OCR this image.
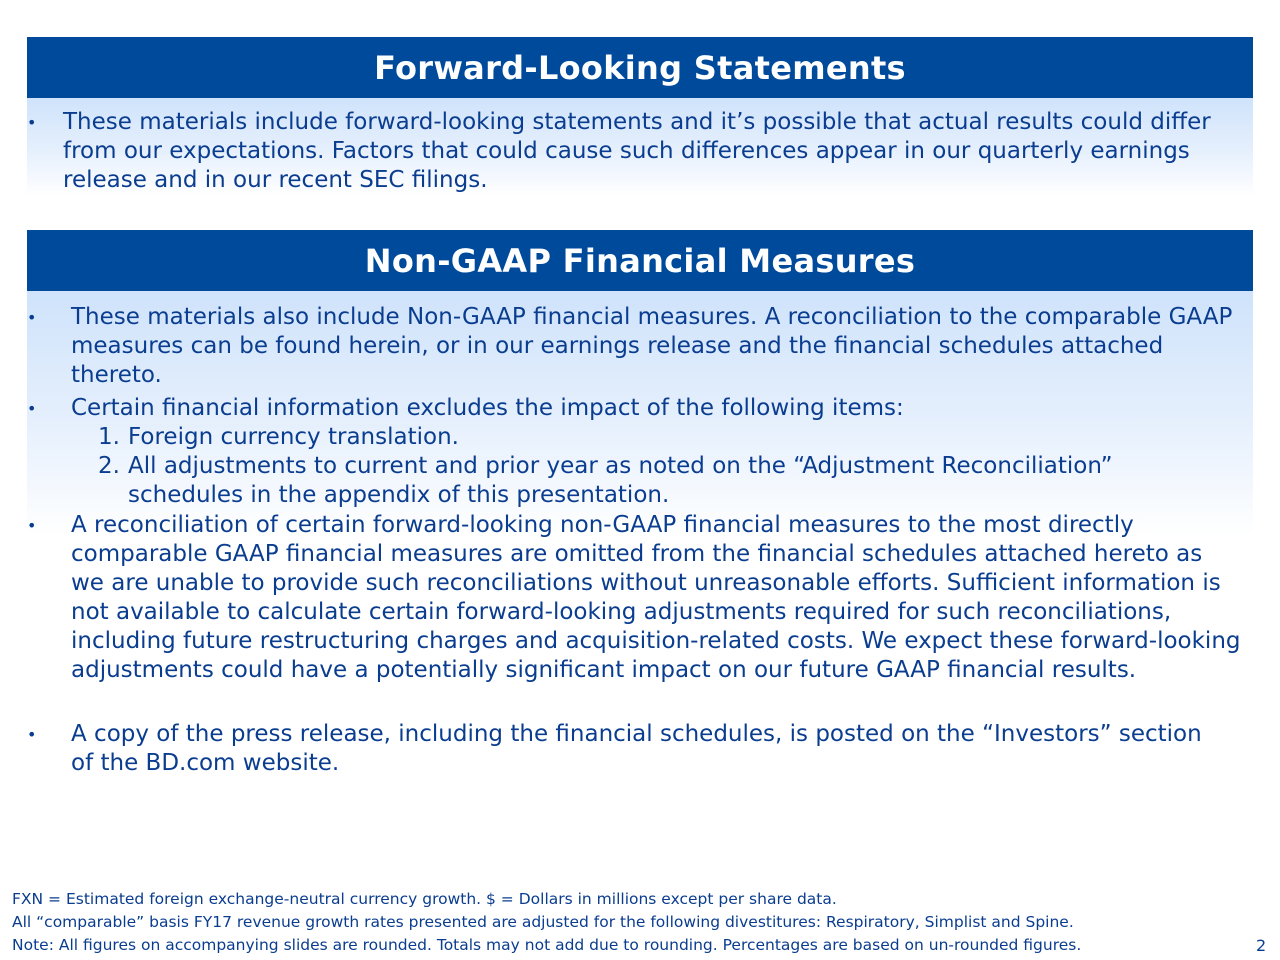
Forward-Looking Statements
• These materials include forward-looking statements and it’s possible that actual results could differ from our expectations. Factors that could cause such differences appear in our quarterly earnings release and in our recent SEC filings.

Non-GAAP Financial Measures
• These materials also include Non-GAAP financial measures. A reconciliation to the comparable GAAP measures can be found herein, or in our earnings release and the financial schedules attached thereto.

• Certain financial information excludes the impact of the following items:

1. Foreign currency translation.

2. All adjustments to current and prior year as noted on the “Adjustment Reconciliation” schedules in the appendix of this presentation.

• A reconciliation of certain forward-looking non-GAAP financial measures to the most directly comparable GAAP financial measures are omitted from the financial schedules attached hereto as we are unable to provide such reconciliations without unreasonable efforts. Sufficient information is not available to calculate certain forward-looking adjustments required for such reconciliations, including future restructuring charges and acquisition-related costs. We expect these forward-looking adjustments could have a potentially significant impact on our future GAAP financial results.

• A copy of the press release, including the financial schedules, is posted on the “Investors” section of the BD.com website.

FXN = Estimated foreign exchange-neutral currency growth. $ = Dollars in millions except per share data.
All “comparable” basis FY17 revenue growth rates presented are adjusted for the following divestitures: Respiratory, Simplist and Spine.
Note: All figures on accompanying slides are rounded. Totals may not add due to rounding. Percentages are based on un-rounded figures.	2
